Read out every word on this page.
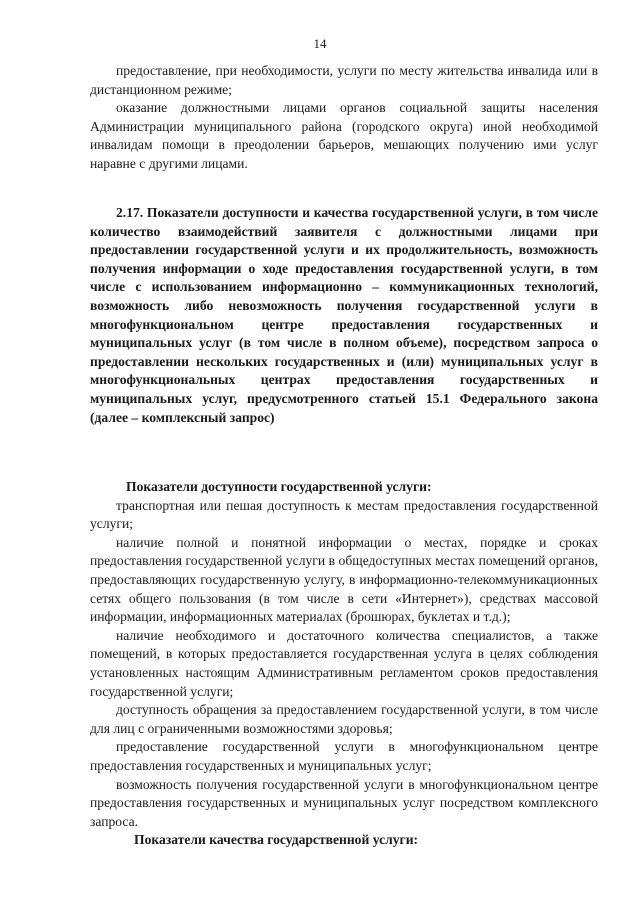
14

предоставление, при необходимости, услуги по месту жительства инвалида или в дистанционном режиме;

оказание должностными лицами органов социальной защиты населения Администрации муниципального района (городского округа) иной необходимой инвалидам помощи в преодолении барьеров, мешающих получению ими услуг наравне с другими лицами.

2.17. Показатели доступности и качества государственной услуги, в том числе количество взаимодействий заявителя с должностными лицами при предоставлении государственной услуги и их продолжительность, возможность получения информации о ходе предоставления государственной услуги, в том числе с использованием информационно – коммуникационных технологий, возможность либо невозможность получения государственной услуги в многофункциональном центре предоставления государственных и муниципальных услуг (в том числе в полном объеме), посредством запроса о предоставлении нескольких государственных и (или) муниципальных услуг в многофункциональных центрах предоставления государственных и муниципальных услуг, предусмотренного статьей 15.1 Федерального закона (далее – комплексный запрос)

Показатели доступности государственной услуги:

транспортная или пешая доступность к местам предоставления государственной услуги;

наличие полной и понятной информации о местах, порядке и сроках предоставления государственной услуги в общедоступных местах помещений органов, предоставляющих государственную услугу, в информационно-телекоммуникационных сетях общего пользования (в том числе в сети «Интернет»), средствах массовой информации, информационных материалах (брошюрах, буклетах и т.д.);

наличие необходимого и достаточного количества специалистов, а также помещений, в которых предоставляется государственная услуга в целях соблюдения установленных настоящим Административным регламентом сроков предоставления государственной услуги;

доступность обращения за предоставлением государственной услуги, в том числе для лиц с ограниченными возможностями здоровья;

предоставление государственной услуги в многофункциональном центре предоставления государственных и муниципальных услуг;

возможность получения государственной услуги в многофункциональном центре предоставления государственных и муниципальных услуг посредством комплексного запроса.

Показатели качества государственной услуги:
